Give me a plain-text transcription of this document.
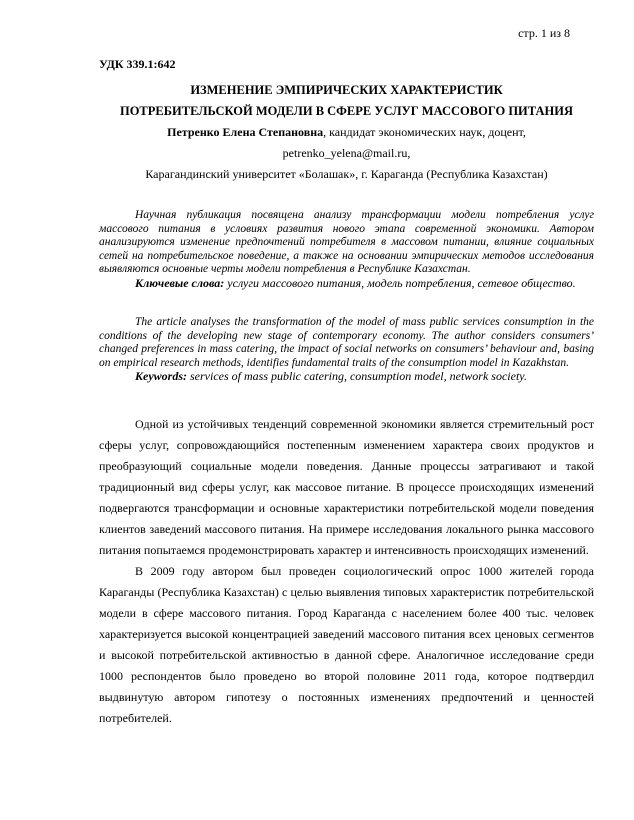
стр. 1 из 8
УДК 339.1:642
ИЗМЕНЕНИЕ ЭМПИРИЧЕСКИХ ХАРАКТЕРИСТИК
ПОТРЕБИТЕЛЬСКОЙ МОДЕЛИ В СФЕРЕ УСЛУГ МАССОВОГО ПИТАНИЯ
Петренко Елена Степановна, кандидат экономических наук, доцент,
petrenko_yelena@mail.ru,
Карагандинский университет «Болашак», г. Караганда (Республика Казахстан)

Научная публикация посвящена анализу трансформации модели потребления услуг массового питания в условиях развития нового этапа современной экономики. Автором анализируются изменение предпочтений потребителя в массовом питании, влияние социальных сетей на потребительское поведение, а также на основании эмпирических методов исследования выявляются основные черты модели потребления в Республике Казахстан.

Ключевые слова: услуги массового питания, модель потребления, сетевое общество.

The article analyses the transformation of the model of mass public services consumption in the conditions of the developing new stage of contemporary economy. The author considers consumers’ changed preferences in mass catering, the impact of social networks on consumers’ behaviour and, basing on empirical research methods, identifies fundamental traits of the consumption model in Kazakhstan.

Keywords: services of mass public catering, consumption model, network society.

Одной из устойчивых тенденций современной экономики является стремительный рост сферы услуг, сопровождающийся постепенным изменением характера своих продуктов и преобразующий социальные модели поведения. Данные процессы затрагивают и такой традиционный вид сферы услуг, как массовое питание. В процессе происходящих изменений подвергаются трансформации и основные характеристики потребительской модели поведения клиентов заведений массового питания. На примере исследования локального рынка массового питания попытаемся продемонстрировать характер и интенсивность происходящих изменений.

В 2009 году автором был проведен социологический опрос 1000 жителей города Караганды (Республика Казахстан) с целью выявления типовых характеристик потребительской модели в сфере массового питания. Город Караганда с населением более 400 тыс. человек характеризуется высокой концентрацией заведений массового питания всех ценовых сегментов и высокой потребительской активностью в данной сфере. Аналогичное исследование среди 1000 респондентов было проведено во второй половине 2011 года, которое подтвердил выдвинутую автором гипотезу о постоянных изменениях предпочтений и ценностей потребителей.
